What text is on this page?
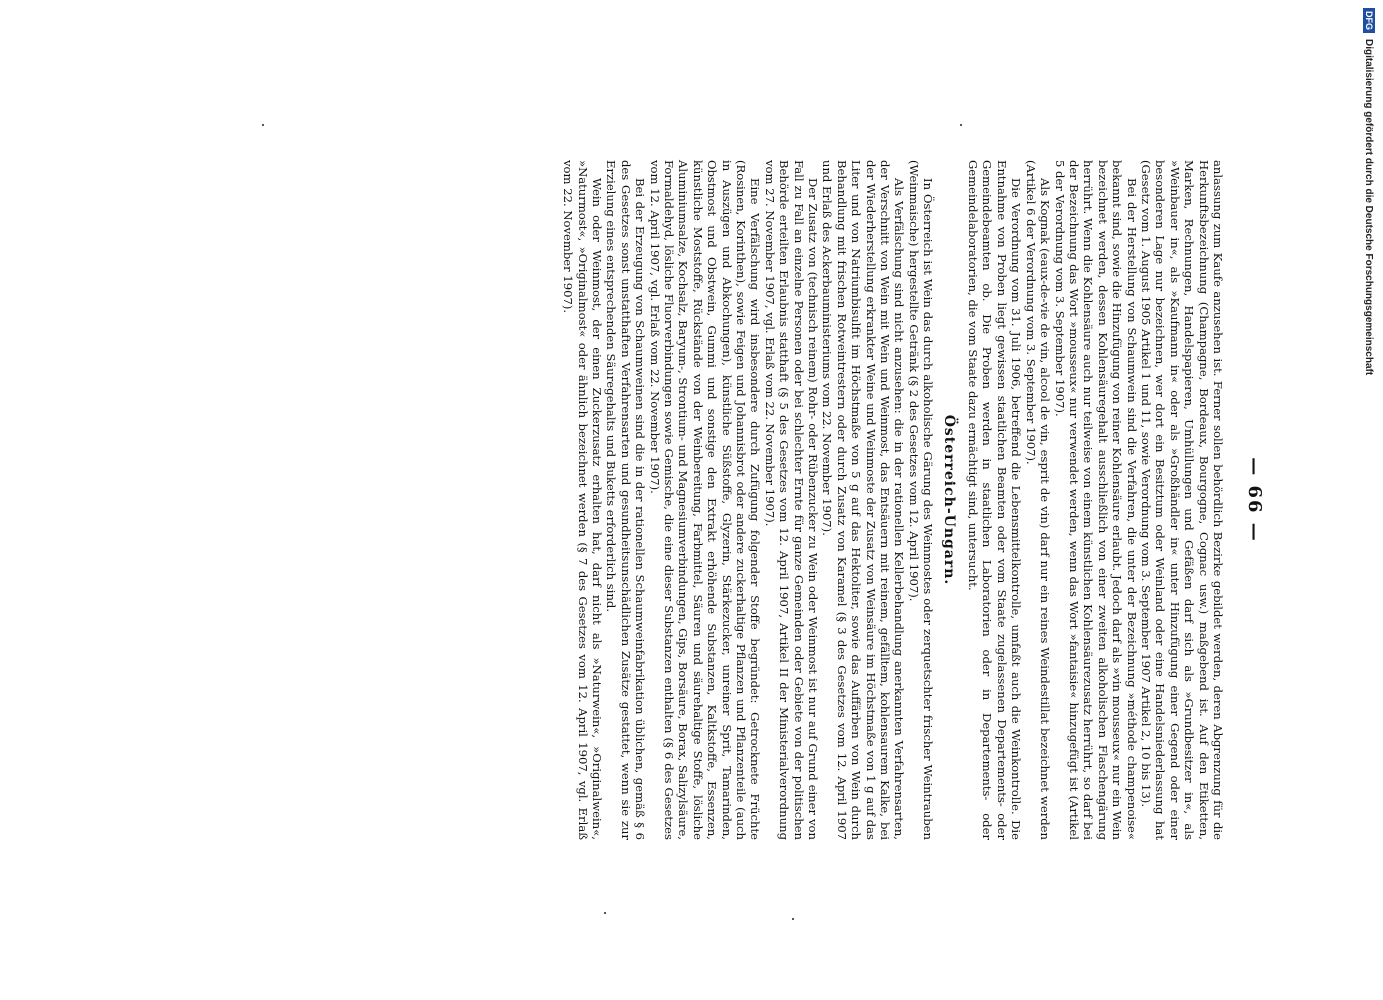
— 66 —

anlassung zum Kaufe anzusehen ist. Ferner sollen behördlich Bezirke gebildet werden, deren Abgrenzung für die Herkunftsbezeichnung (Champagne, Bordeaux, Bourgogne, Cognac usw.) maßgebend ist. Auf den Etiketten, Marken, Rechnungen, Handelspapieren, Umhüllungen und Gefäßen darf sich als »Grundbesitzer in«, als »Weinbauer in«, als »Kaufmann in« oder als »Großhändler in« unter Hinzufügung einer Gegend oder einer besonderen Lage nur bezeichnen, wer dort ein Besitztum oder Weinland oder eine Handelsniederlassung hat (Gesetz vom 1. August 1905 Artikel 1 und 11, sowie Verordnung vom 3. September 1907 Artikel 2, 10 bis 13).

Bei der Herstellung von Schaumwein sind die Verfahren, die unter der Bezeichnung »méthode champenoise« bekannt sind, sowie die Hinzufügung von reiner Kohlensäure erlaubt. Jedoch darf als »vin mousseux« nur ein Wein bezeichnet werden, dessen Kohlensäuregehalt ausschließlich von einer zweiten alkoholischen Flaschengärung herrührt. Wenn die Kohlensäure auch nur teilweise von einem künstlichen Kohlensäurezusatz herrührt, so darf bei der Bezeichnung das Wort »mousseux« nur verwendet werden, wenn das Wort »fantaisie« hinzugefügt ist (Artikel 5 der Verordnung vom 3. September 1907).

Als Kognak (eaux-de-vie de vin, alcool de vin, esprit de vin) darf nur ein reines Weindestillat bezeichnet werden (Artikel 6 der Verordnung vom 3. September 1907).

Die Verordnung vom 31. Juli 1906, betreffend die Lebensmittelkontrolle, umfaßt auch die Weinkontrolle. Die Entnahme von Proben liegt gewissen staatlichen Beamten oder vom Staate zugelassenen Departements- oder Gemeindebeamten ob. Die Proben werden in staatlichen Laboratorien oder in Departements- oder Gemeindelaboratorien, die vom Staate dazu ermächtigt sind, untersucht.

Österreich-Ungarn.

In Österreich ist Wein das durch alkoholische Gärung des Weinmostes oder zerquetschter frischer Weintrauben (Weinmaische) hergestellte Getränk (§ 2 des Gesetzes vom 12. April 1907).

Als Verfälschung sind nicht anzusehen: die in der rationellen Kellerbehandlung anerkannten Verfahrensarten, der Verschnitt von Wein mit Wein und Weinmost, das Entsäuern mit reinem, gefälltem, kohlensaurem Kalke, bei der Wiederherstellung erkrankter Weine und Weinmoste der Zusatz von Weinsäure im Höchstmaße von 1 g auf das Liter und von Natriumbisulfit im Höchstmaße von 5 g auf das Hektoliter, sowie das Auffärben von Wein durch Behandlung mit frischen Rotweintrestern oder durch Zusatz von Karamel (§ 3 des Gesetzes vom 12. April 1907 und Erlaß des Ackerbauministeriums vom 22. November 1907).

Der Zusatz von (technisch reinem) Rohr- oder Rübenzucker zu Wein oder Weinmost ist nur auf Grund einer von Fall zu Fall an einzelne Personen oder bei schlechter Ernte für ganze Gemeinden oder Gebiete von der politischen Behörde erteilten Erlaubnis statthaft (§ 5 des Gesetzes vom 12. April 1907, Artikel II der Ministerialverordnung vom 27. November 1907, vgl. Erlaß vom 22. November 1907).

Eine Verfälschung wird insbesondere durch Zufügung folgender Stoffe begründet: Getrocknete Früchte (Rosinen, Korinthen), sowie Feigen und Johannisbrot oder andere zuckerhaltige Pflanzen und Pflanzenteile (auch in Auszügen und Abkochungen), künstliche Süßstoffe, Glyzerin, Stärkezucker, unreiner Sprit, Tamarinden, Obstmost und Obstwein, Gummi und sonstige den Extrakt erhöhende Substanzen, Kaltkstoffe, Essenzen, künstliche Moststoffe, Rückstände von der Weinbereitung, Farbmittel, Säuren und säurehaltige Stoffe, lösliche Aluminiumsalze, Kochsalz, Baryum-, Strontium- und Magnesiumverbindungen, Gips, Borsäure, Borax, Salizylsäure, Formaldehyd, lösliche Fluorverbindungen sowie Gemische, die eine dieser Substanzen enthalten (§ 6 des Gesetzes vom 12. April 1907, vgl. Erlaß vom 22. November 1907).

Bei der Erzeugung von Schaumweinen sind die in der rationellen Schaumweinfabrikation üblichen, gemäß § 6 des Gesetzes sonst unstatthaften Verfahrensarten und gesundheitsunschädlichen Zusätze gestattet, wenn sie zur Erzielung eines entsprechenden Säuregehalts und Buketts erforderlich sind.

Wein oder Weinmost, der einen Zuckerzusatz erhalten hat, darf nicht als »Naturwein«, »Originalwein«, »Naturmost«, »Originalmost« oder ähnlich bezeichnet werden (§ 7 des Gesetzes vom 12. April 1907, vgl. Erlaß vom 22. November 1907).

DFG
Digitalisierung gefördert durch die Deutsche Forschungsgemeinschaft
